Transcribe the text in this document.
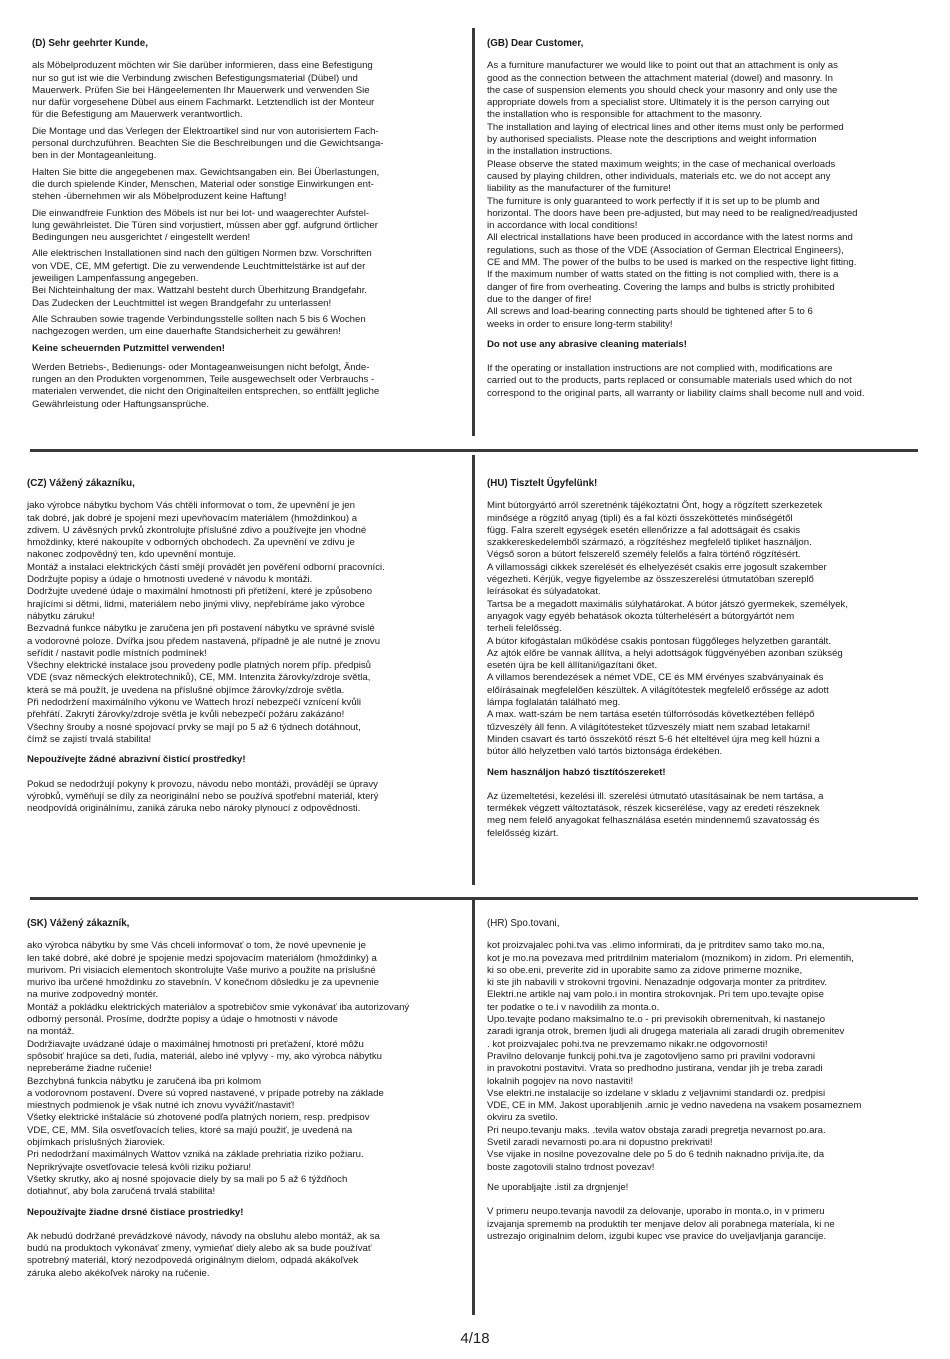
(D) Sehr geehrter Kunde,

als Möbelproduzent möchten wir Sie darüber informieren, dass eine Befestigung
nur so gut ist wie die Verbindung zwischen Befestigungsmaterial (Dübel) und
Mauerwerk. Prüfen Sie bei Hängeelementen Ihr Mauerwerk und verwenden Sie
nur dafür vorgesehene Dübel aus einem Fachmarkt. Letztendlich ist der Monteur
für die Befestigung am Mauerwerk verantwortlich.

Die Montage und das Verlegen der Elektroartikel sind nur von autorisiertem Fach-
personal durchzuführen. Beachten Sie die Beschreibungen und die Gewichtsanga-
ben in der Montageanleitung.

Halten Sie bitte die angegebenen max. Gewichtsangaben ein. Bei Überlastungen,
die durch spielende Kinder, Menschen, Material oder sonstige Einwirkungen ent-
stehen -übernehmen wir als Möbelproduzent keine Haftung!

Die einwandfreie Funktion des Möbels ist nur bei lot- und waagerechter Aufstel-
lung gewährleistet. Die Türen sind vorjustiert, müssen aber ggf. aufgrund örtlicher
Bedingungen neu ausgerichtet / eingestellt werden!

Alle elektrischen Installationen sind nach den gültigen Normen bzw. Vorschriften
von VDE, CE, MM gefertigt. Die zu verwendende Leuchtmittelstärke ist auf der
jeweiligen Lampenfassung angegeben.
Bei Nichteinhaltung der max. Wattzahl besteht durch Überhitzung Brandgefahr.
Das Zudecken der Leuchtmittel ist wegen Brandgefahr zu unterlassen!

Alle Schrauben sowie tragende Verbindungsstelle sollten nach 5 bis 6 Wochen
nachgezogen werden, um eine dauerhafte Standsicherheit zu gewähren!

Keine scheuernden Putzmittel verwenden!

Werden Betriebs-, Bedienungs- oder Montageanweisungen nicht befolgt, Ände-
rungen an den Produkten vorgenommen, Teile ausgewechselt oder Verbrauchs -
materialen verwendet, die nicht den Originalteilen entsprechen, so entfällt jegliche
Gewährleistung oder Haftungsansprüche.

(GB) Dear Customer,

As a furniture manufacturer we would like to point out that an attachment is only as
good as the connection between the attachment material (dowel) and masonry. In
the case of suspension elements you should check your masonry and only use the
appropriate dowels from a specialist store. Ultimately it is the person carrying out
the installation who is responsible for attachment to the masonry.
The installation and laying of electrical lines and other items must only be performed
by authorised specialists. Please note the descriptions and weight information
in the installation instructions.
Please observe the stated maximum weights; in the case of mechanical overloads
caused by playing children, other individuals, materials etc. we do not accept any
liability as the manufacturer of the furniture!
The furniture is only guaranteed to work perfectly if it is set up to be plumb and
horizontal. The doors have been pre-adjusted, but may need to be realigned/readjusted
in accordance with local conditions!
All electrical installations have been produced in accordance with the latest norms and
regulations, such as those of the VDE (Association of German Electrical Engineers),
CE and MM. The power of the bulbs to be used is marked on the respective light fitting.
If the maximum number of watts stated on the fitting is not complied with, there is a
danger of fire from overheating. Covering the lamps and bulbs is strictly prohibited
due to the danger of fire!
All screws and load-bearing connecting parts should be tightened after 5 to 6
weeks in order to ensure long-term stability!

Do not use any abrasive cleaning materials!

If the operating or installation instructions are not complied with, modifications are
carried out to the products, parts replaced or consumable materials used which do not
correspond to the original parts, all warranty or liability claims shall become null and void.

(CZ) Vážený zákazníku,

jako výrobce nábytku bychom Vás chtěli informovat o tom, že upevnění je jen
tak dobré, jak dobré je spojení mezi upevňovacím materiálem (hmoždinkou) a
zdivem. U závěsných prvků zkontrolujte příslušné zdivo a používejte jen vhodné
hmoždinky, které nakoupíte v odborných obchodech. Za upevnění ve zdivu je
nakonec zodpovědný ten, kdo upevnění montuje.
Montáž a instalaci elektrických částí smějí provádět jen pověření odborní pracovníci.
Dodržujte popisy a údaje o hmotnosti uvedené v návodu k montáži.
Dodržujte uvedené údaje o maximální hmotnosti při přetížení, které je způsobeno
hrajícími si dětmi, lidmi, materiálem nebo jinými vlivy, nepřebíráme jako výrobce
nábytku záruku!
Bezvadná funkce nábytku je zaručena jen při postavení nábytku ve správné svislé
a vodorovné poloze. Dvířka jsou předem nastavená, případně je ale nutné je znovu
seřídit / nastavit podle místních podmínek!
Všechny elektrické instalace jsou provedeny podle platných norem příp. předpisů
VDE (svaz německých elektrotechniků), CE, MM. Intenzita žárovky/zdroje světla,
která se má použít, je uvedena na příslušné objímce žárovky/zdroje světla.
Při nedodržení maximálního výkonu ve Wattech hrozí nebezpečí vznícení kvůli
přehřátí. Zakrytí žárovky/zdroje světla je kvůli nebezpečí požáru zakázáno!
Všechny šrouby a nosné spojovací prvky se mají po 5 až 6 týdnech dotáhnout,
čímž se zajistí trvalá stabilita!

Nepoužívejte žádné abrazivní čisticí prostředky!

Pokud se nedodržují pokyny k provozu, návodu nebo montáži, provádějí se úpravy
výrobků, vyměňují se díly za neoriginální nebo se používá spotřební materiál, který
neodpovídá originálnímu, zaniká záruka nebo nároky plynoucí z odpovědnosti.

(HU) Tisztelt Ügyfelünk!

Mint bútorgyártó arról szeretnénk tájékoztatni Önt, hogy a rögzített szerkezetek
minősége a rögzítő anyag (tipli) és a fal közti összeköttetés minőségétől
függ. Falra szerelt egységek esetén ellenőrizze a fal adottságait és csakis
szakkereskedelemből származó, a rögzítéshez megfelelő tipliket használjon.
Végső soron a bútort felszerelő személy felelős a falra történő rögzítésért.
A villamossági cikkek szerelését és elhelyezését csakis erre jogosult szakember
végezheti. Kérjük, vegye figyelembe az összeszerelési útmutatóban szereplő
leírásokat és súlyadatokat.
Tartsa be a megadott maximális súlyhatárokat. A bútor játszó gyermekek, személyek,
anyagok vagy egyéb behatások okozta túlterhelésért a bútorgyártót nem
terheli felelősség.
A bútor kifogástalan működése csakis pontosan függőleges helyzetben garantált.
Az ajtók előre be vannak állítva, a helyi adottságok függvényében azonban szükség
esetén újra be kell állítani/igazítani őket.
A villamos berendezések a német VDE, CE és MM érvényes szabványainak és
előírásainak megfelelően készültek. A világítótestek megfelelő erőssége az adott
lámpa foglalatán található meg.
A max. watt-szám be nem tartása esetén túlforrósodás következtében fellépő
tűzveszély áll fenn. A világítótesteket tűzveszély miatt nem szabad letakarni!
Minden csavart és tartó összekötő részt 5-6 hét elteltével újra meg kell húzni a
bútor álló helyzetben való tartós biztonsága érdekében.

Nem használjon habzó tisztítószereket!

Az üzemeltetési, kezelési ill. szerelési útmutató utasításainak be nem tartása, a
termékek végzett változtatások, részek kicserélése, vagy az eredeti részeknek
meg nem felelő anyagokat felhasználása esetén mindennemű szavatosság és
felelősség kizárt.

(SK) Vážený zákazník,

ako výrobca nábytku by sme Vás chceli informovať o tom, že nové upevnenie je
len také dobré, aké dobré je spojenie medzi spojovacím materiálom (hmoždinky) a
murivom. Pri visiacich elementoch skontrolujte Vaše murivo a použite na príslušné
murivo iba určené hmoždinku zo stavebnín. V konečnom dôsledku je za upevnenie
na murive zodpovedný montér.
Montáž a pokládku elektrických materiálov a spotrebičov smie vykonávať iba autorizovaný
odborný personál. Prosíme, dodržte popisy a údaje o hmotnosti v návode
na montáž.
Dodržiavajte uvádzané údaje o maximálnej hmotnosti pri preťažení, ktoré môžu
spôsobiť hrajúce sa deti, ľudia, materiál, alebo iné vplyvy - my, ako výrobca nábytku
nepreberáme žiadne ručenie!
Bezchybná funkcia nábytku je zaručená iba pri kolmom
a vodorovnom postavení. Dvere sú vopred nastavené, v prípade potreby na základe
miestnych podmienok je však nutné ich znovu vyvážiť/nastaviť!
Všetky elektrické inštalácie sú zhotovené podľa platných noriem, resp. predpisov
VDE, CE, MM. Sila osvetľovacích telies, ktoré sa majú použiť, je uvedená na
objímkach príslušných žiaroviek.
Pri nedodržaní maximálnych Wattov vzniká na základe prehriatia riziko požiaru.
Neprikrývajte osvetľovacie telesá kvôli riziku požiaru!
Všetky skrutky, ako aj nosné spojovacie diely by sa mali po 5 až 6 týždňoch
dotiahnuť, aby bola zaručená trvalá stabilita!

Nepoužívajte žiadne drsné čistiace prostriedky!

Ak nebudú dodržané prevádzkové návody, návody na obsluhu alebo montáž, ak sa
budú na produktoch vykonávať zmeny, vymieňať diely alebo ak sa bude používať
spotrebný materiál, ktorý nezodpovedá originálnym dielom, odpadá akákoľvek
záruka alebo akékoľvek nároky na ručenie.

(HR) Spo.tovani,

kot proizvajalec pohi.tva vas .elimo informirati, da je pritrditev samo tako mo.na,
kot je mo.na povezava med pritrdilnim materialom (moznikom) in zidom. Pri elementih,
ki so obe.eni, preverite zid in uporabite samo za zidove primerne moznike,
ki ste jih nabavili v strokovni trgovini. Nenazadnje odgovarja monter za pritrditev.
Elektri.ne artikle naj vam polo.i in montira strokovnjak. Pri tem upo.tevajte opise
ter podatke o te.i v navodilih za monta.o.
Upo.tevajte podano maksimalno te.o - pri previsokih obremenitvah, ki nastanejo
zaradi igranja otrok, bremen ljudi ali drugega materiala ali zaradi drugih obremenitev
. kot proizvajalec pohi.tva ne prevzemamo nikakr.ne odgovornosti!
Pravilno delovanje funkcij pohi.tva je zagotovljeno samo pri pravilni vodoravni
in pravokotni postavitvi. Vrata so predhodno justirana, vendar jih je treba zaradi
lokalnih pogojev na novo nastaviti!
Vse elektri.ne instalacije so izdelane v skladu z veljavnimi standardi oz. predpisi
VDE, CE in MM. Jakost uporabljenih .arnic je vedno navedena na vsakem posameznem
okviru za svetilo.
Pri neupo.tevanju maks. .tevila watov obstaja zaradi pregretja nevarnost po.ara.
Svetil zaradi nevarnosti po.ara ni dopustno prekrivati!
Vse vijake in nosilne povezovalne dele po 5 do 6 tednih naknadno privija.ite, da
boste zagotovili stalno trdnost povezav!

Ne uporabljajte .istil za drgnjenje!

V primeru neupo.tevanja navodil za delovanje, uporabo in monta.o, in v primeru
izvajanja sprememb na produktih ter menjave delov ali porabnega materiala, ki ne
ustrezajo originalnim delom, izgubi kupec vse pravice do uveljavljanja garancije.

4/18
